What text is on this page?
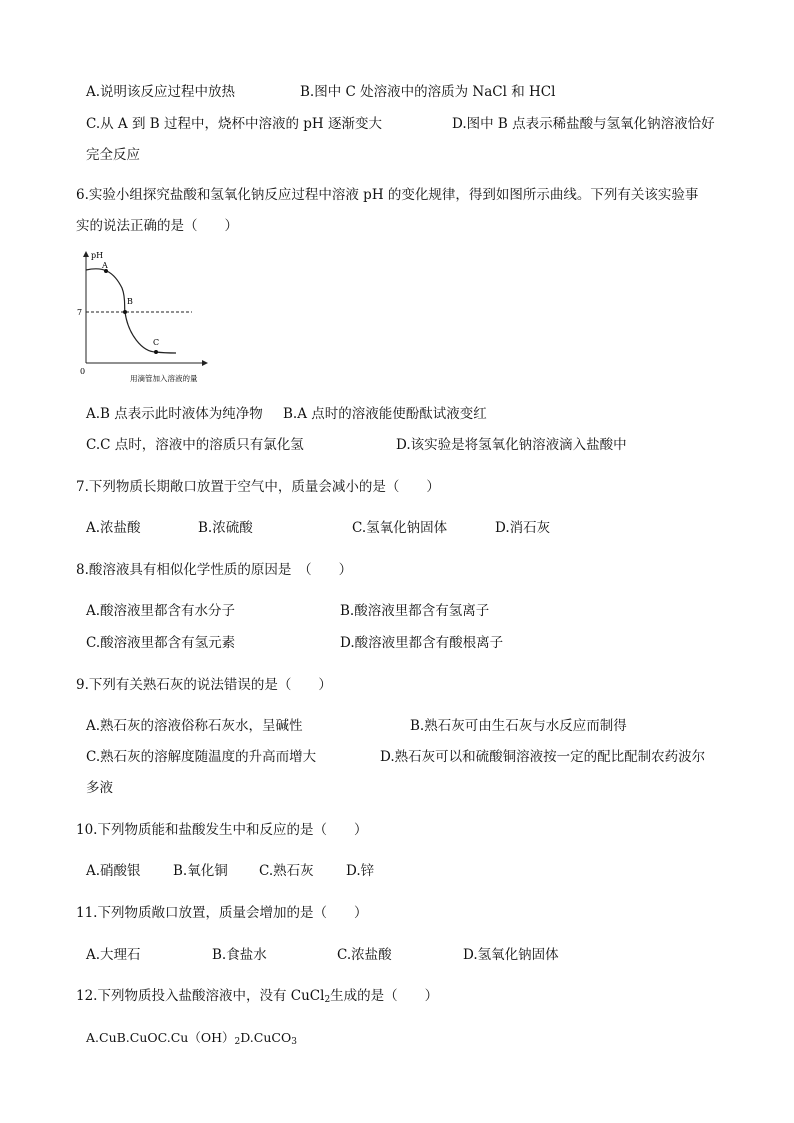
A.说明该反应过程中放热	B.图中 C 处溶液中的溶质为 NaCl 和 HCl
C.从 A 到 B 过程中，烧杯中溶液的 pH 逐渐变大	D.图中 B 点表示稀盐酸与氢氧化钠溶液恰好
完全反应
6.实验小组探究盐酸和氢氧化钠反应过程中溶液 pH 的变化规律，得到如图所示曲线。下列有关该实验事
实的说法正确的是（　　）
pH
A
B
C
7
0
用滴管加入溶液的量
A.B 点表示此时液体为纯净物 B.A 点时的溶液能使酚酞试液变红
C.C 点时，溶液中的溶质只有氯化氢	D.该实验是将氢氧化钠溶液滴入盐酸中
7.下列物质长期敞口放置于空气中，质量会减小的是（　　）
A.浓盐酸	B.浓硫酸	C.氢氧化钠固体	D.消石灰
8.酸溶液具有相似化学性质的原因是　（　　）
A.酸溶液里都含有水分子	B.酸溶液里都含有氢离子
C.酸溶液里都含有氢元素	D.酸溶液里都含有酸根离子
9.下列有关熟石灰的说法错误的是（　　）
A.熟石灰的溶液俗称石灰水，呈碱性	B.熟石灰可由生石灰与水反应而制得
C.熟石灰的溶解度随温度的升高而增大	D.熟石灰可以和硫酸铜溶液按一定的配比配制农药波尔
多液
10.下列物质能和盐酸发生中和反应的是（　　）
A.硝酸银 B.氧化铜 C.熟石灰 D.锌
11.下列物质敞口放置，质量会增加的是（　　）
A.大理石	B.食盐水	C.浓盐酸	D.氢氧化钠固体
12.下列物质投入盐酸溶液中，没有 CuCl$_2$生成的是（　　）
$A.CuB.CuOC.Cu(OH)_2D.CuCO_3$
